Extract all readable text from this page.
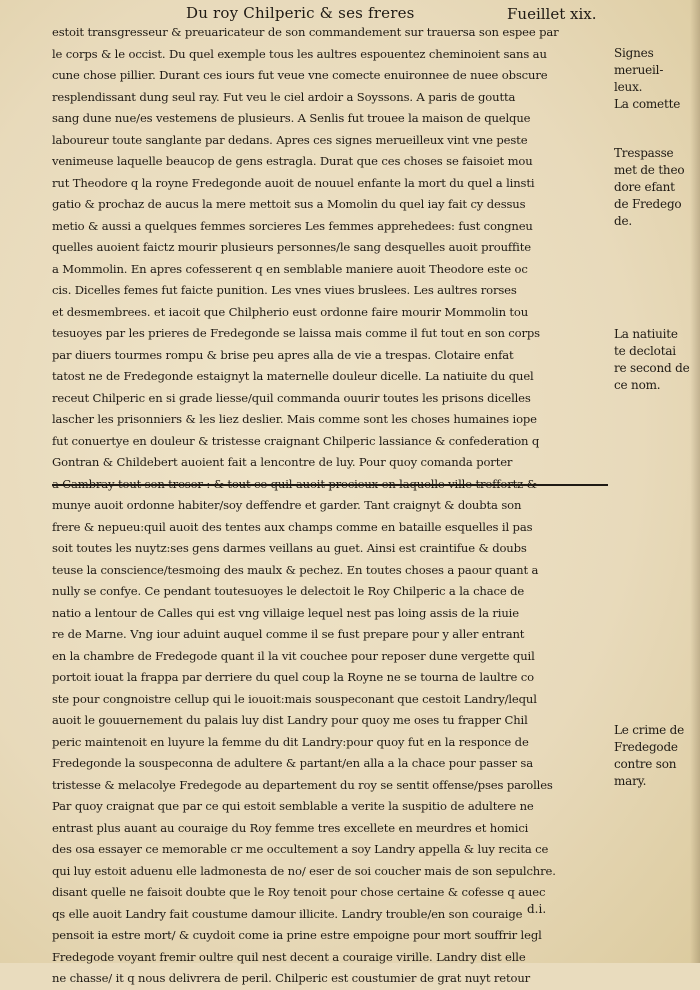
Du roy Chilperic & ses freres	Fueillet xix.
estoit transgresseur & preuaricateur de son commandement sur trauersa son espee par
le corps & le occist. Du quel exemple tous les aultres espouentez cheminoient sans au
cune chose pillier. Durant ces iours fut veue vne comecte enuironnee de nuee obscure
resplendissant dung seul ray. Fut veu le ciel ardoir a Soyssons. A paris de goutta
sang dune nue/es vestemens de plusieurs. A Senlis fut trouee la maison de quelque
laboureur toute sanglante par dedans. Apres ces signes merueilleux vint vne peste
venimeuse laquelle beaucop de gens estragla. Durat que ces choses se faisoiet mou
rut Theodore q la royne Fredegonde auoit de nouuel enfante la mort du quel a linsti
gatio & prochaz de aucus la mere mettoit sus a Momolin du quel iay fait cy dessus
metio & aussi a quelques femmes sorcieres Les femmes apprehedees: fust congneu
quelles auoient faictz mourir plusieurs personnes/le sang desquelles auoit prouffite
a Mommolin. En apres cofesserent q en semblable maniere auoit Theodore este oc
cis. Dicelles femes fut faicte punition. Les vnes viues bruslees. Les aultres rorses
et desmembrees. et iacoit que Chilpherio eust ordonne faire mourir Mommolin tou
tesuoyes par les prieres de Fredegonde se laissa mais comme il fut tout en son corps
par diuers tourmes rompu & brise peu apres alla de vie a trespas. Clotaire enfat
tatost ne de Fredegonde estaignyt la maternelle douleur dicelle. La natiuite du quel
receut Chilperic en si grade liesse/quil commanda ouurir toutes les prisons dicelles
lascher les prisonniers & les liez deslier. Mais comme sont les choses humaines iope
fut conuertye en douleur & tristesse craignant Chilperic lassiance & confederation q
Gontran & Childebert auoient fait a lencontre de luy. Pour quoy comanda porter
munye auoit ordonne habiter/soy deffendre et garder. Tant craignyt & doubta son
frere & nepueu:quil auoit des tentes aux champs comme en bataille esquelles il pas
soit toutes les nuytz:ses gens darmes veillans au guet. Ainsi est craintifue & doubs
teuse la conscience/tesmoing des maulx & pechez. En toutes choses a paour quant a
nully se confye. Ce pendant toutesuoyes le delectoit le Roy Chilperic a la chace de
natio a lentour de Calles qui est vng villaige lequel nest pas loing assis de la riuie
re de Marne. Vng iour aduint auquel comme il se fust prepare pour y aller entrant
en la chambre de Fredegode quant il la vit couchee pour reposer dune vergette quil
portoit iouat la frappa par derriere du quel coup la Royne ne se tourna de laultre co
ste pour congnoistre cellup qui le iouoit:mais souspeconant que cestoit Landry/lequl
auoit le gouuernement du palais luy dist Landry pour quoy me oses tu frapper Chil
peric maintenoit en luyure la femme du dit Landry:pour quoy fut en la responce de
Fredegonde la souspeconna de adultere & partant/en alla a la chace pour passer sa
tristesse & melacolye Fredegode au departement du roy se sentit offense/pses parolles
Par quoy craignat que par ce qui estoit semblable a verite la suspitio de adultere ne
entrast plus auant au couraige du Roy femme tres excellete en meurdres et homici
des osa essayer ce memorable cr me occultement a soy Landry appella & luy recita ce
qui luy estoit aduenu elle ladmonesta de no/ eser de soi coucher mais de son sepulchre.
disant quelle ne faisoit doubte que le Roy tenoit pour chose certaine & cofesse q auec
qs elle auoit Landry fait coustume damour illicite. Landry trouble/en son couraige
pensoit ia estre mort/ & cuydoit come ia prine estre empoigne pour mort souffrir legl
Fredegode voyant fremir oultre quil nest decent a couraige virille. Landry dist elle
ne chasse/ it q nous delivrera de peril. Chilperic est coustumier de grat nuyt retour
Signes
merueil-
leux.
La comette
Trespasse
met de theo
dore efant
de Fredego
de.
La natiuite
te declotai
re second de
ce nom.
Le crime de
Fredegode
contre son
mary.
d.i.
